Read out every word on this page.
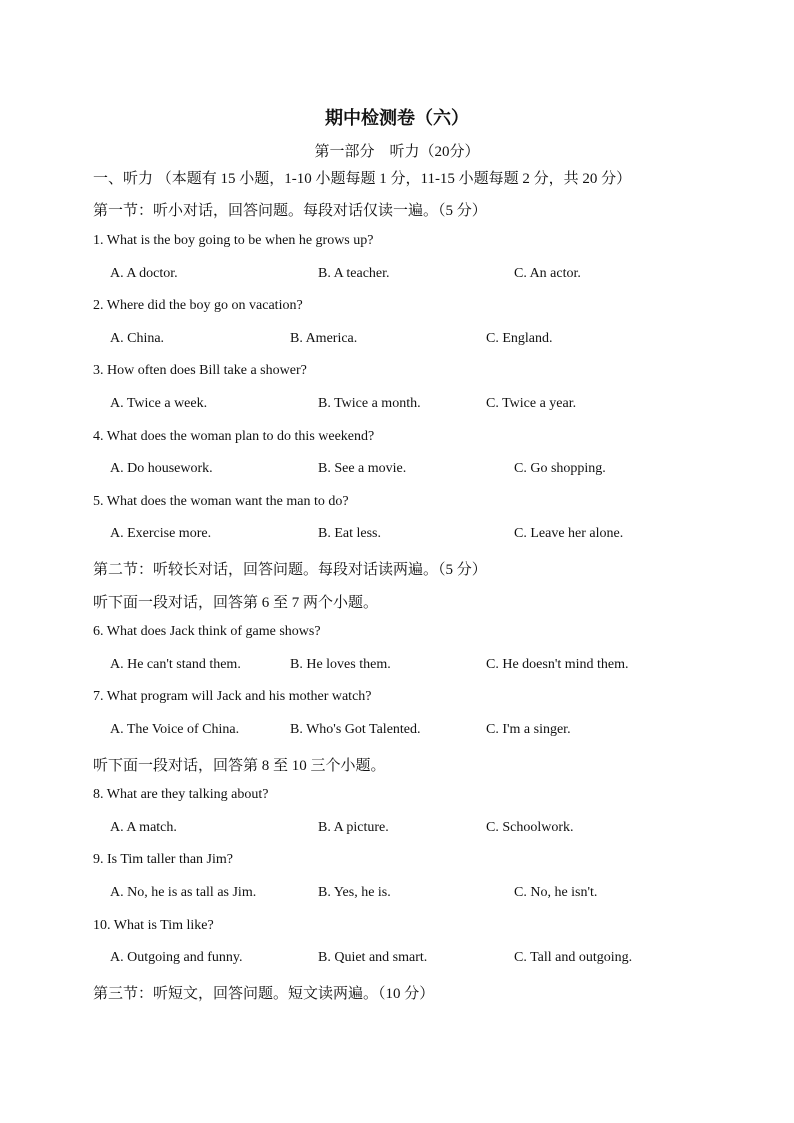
期中检测卷（六）
第一部分　听力（20分）
一、听力 （本题有 15 小题，1-10 小题每题 1 分，11-15 小题每题 2 分，共 20 分）
第一节：听小对话，回答问题。每段对话仅读一遍。（5 分）
1. What is the boy going to be when he grows up?
A. A doctor.	B. A teacher.	C. An actor.
2. Where did the boy go on vacation?
A. China.	B. America.	C. England.
3. How often does Bill take a shower?
A. Twice a week.	B. Twice a month.	C. Twice a year.
4. What does the woman plan to do this weekend?
A. Do housework.	B. See a movie.	C. Go shopping.
5. What does the woman want the man to do?
A. Exercise more.	B. Eat less.	C. Leave her alone.
第二节：听较长对话，回答问题。每段对话读两遍。（5 分）
听下面一段对话，回答第 6 至 7 两个小题。
6. What does Jack think of game shows?
A. He can't stand them.	B. He loves them.	C. He doesn't mind them.
7. What program will Jack and his mother watch?
A. The Voice of China.	B. Who's Got Talented.	C. I'm a singer.
听下面一段对话，回答第 8 至 10 三个小题。
8. What are they talking about?
A. A match.	B. A picture.	C. Schoolwork.
9. Is Tim taller than Jim?
A. No, he is as tall as Jim.	B. Yes, he is.	C. No, he isn't.
10. What is Tim like?
A. Outgoing and funny.	B. Quiet and smart.	C. Tall and outgoing.
第三节：听短文，回答问题。短文读两遍。（10 分）
